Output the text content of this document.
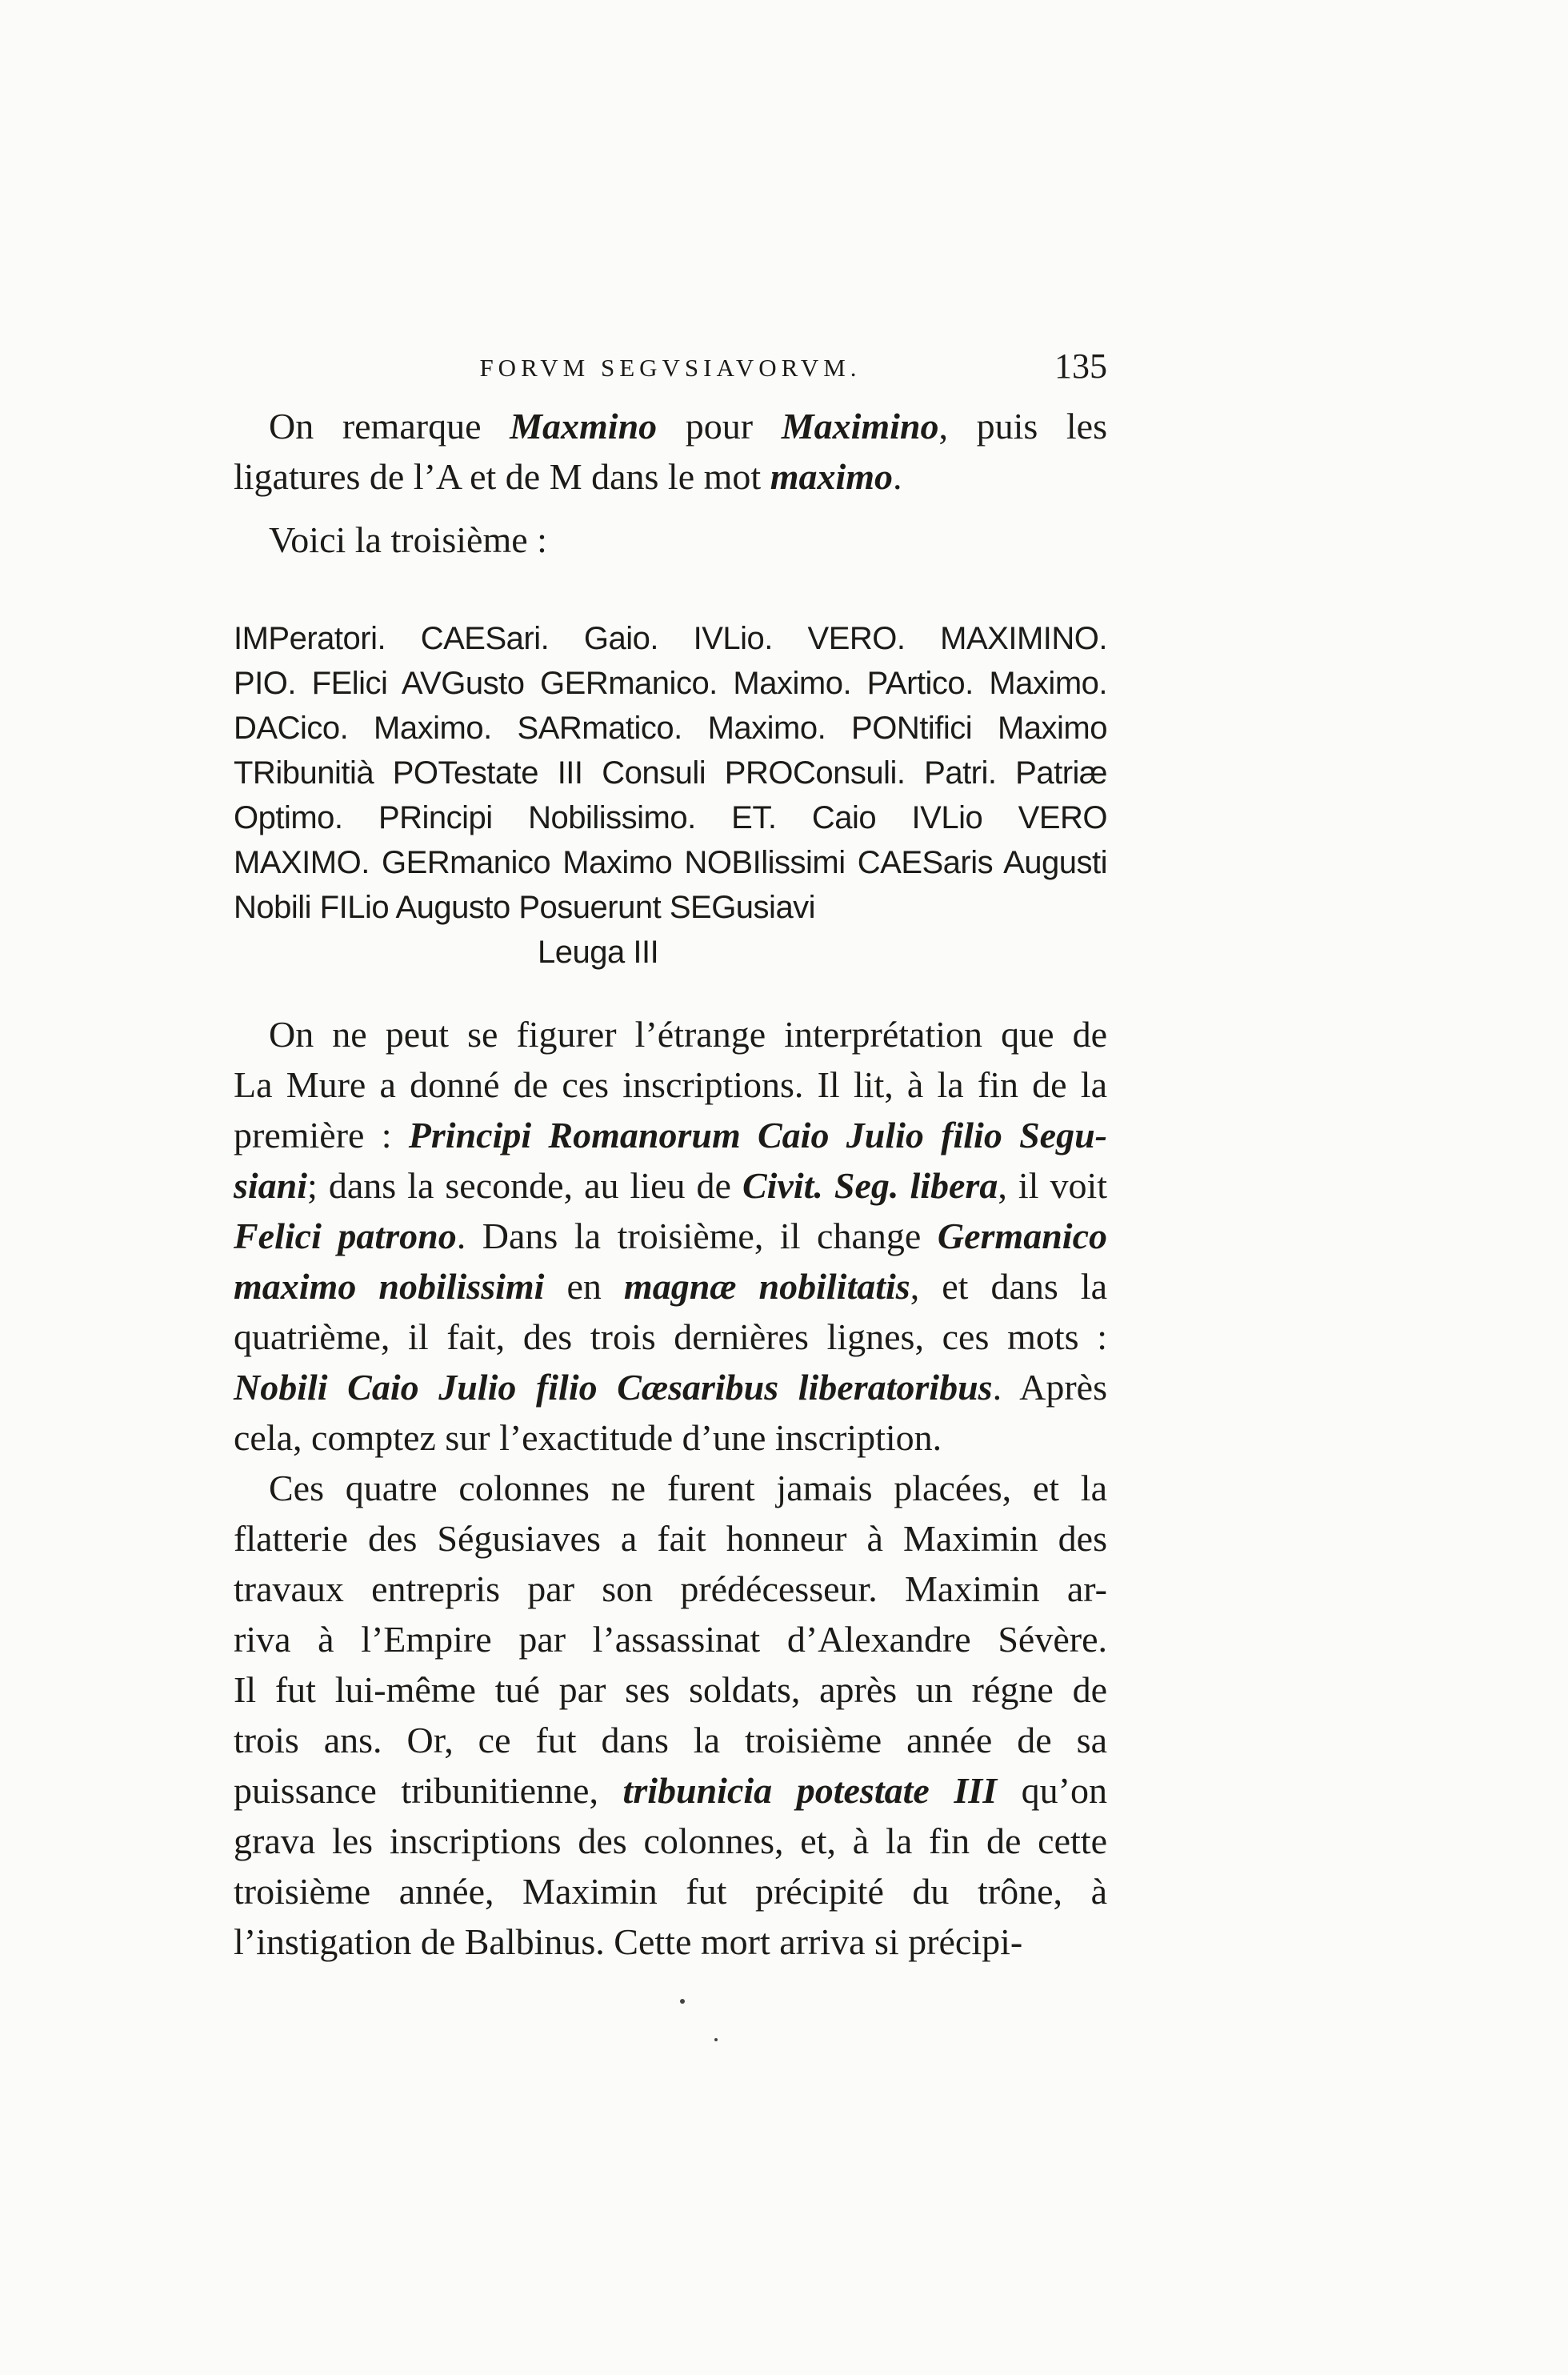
FORVM SEGVSIAVORVM.	135
On remarque Maxmino pour Maximino, puis les
ligatures de l’A et de M dans le mot maximo.
Voici la troisième :
IMPeratori. CAESari. Gaio. IVLio. VERO. MAXIMINO.
PIO. FElici AVGusto GERmanico. Maximo. PArtico. Maximo.
DACico. Maximo. SARmatico. Maximo. PONtifici Maximo
TRibunitià POTestate III Consuli PROConsuli. Patri. Patriæ
Optimo. PRincipi Nobilissimo. ET. Caio IVLio VERO
MAXIMO. GERmanico Maximo NOBIlissimi CAESaris Augusti
Nobili FILio Augusto Posuerunt SEGusiavi
Leuga III
On ne peut se figurer l’étrange interprétation que de
La Mure a donné de ces inscriptions. Il lit, à la fin de la
première : Principi Romanorum Caio Julio filio Segu-
siani; dans la seconde, au lieu de Civit. Seg. libera, il voit
Felici patrono. Dans la troisième, il change Germanico
maximo nobilissimi en magnæ nobilitatis, et dans la
quatrième, il fait, des trois dernières lignes, ces mots :
Nobili Caio Julio filio Cæsaribus liberatoribus. Après
cela, comptez sur l’exactitude d’une inscription.
Ces quatre colonnes ne furent jamais placées, et la
flatterie des Ségusiaves a fait honneur à Maximin des
travaux entrepris par son prédécesseur. Maximin ar-
riva à l’Empire par l’assassinat d’Alexandre Sévère.
Il fut lui-même tué par ses soldats, après un régne de
trois ans. Or, ce fut dans la troisième année de sa
puissance tribunitienne, tribunicia potestate III qu’on
grava les inscriptions des colonnes, et, à la fin de cette
troisième année, Maximin fut précipité du trône, à
l’instigation de Balbinus. Cette mort arriva si précipi-
